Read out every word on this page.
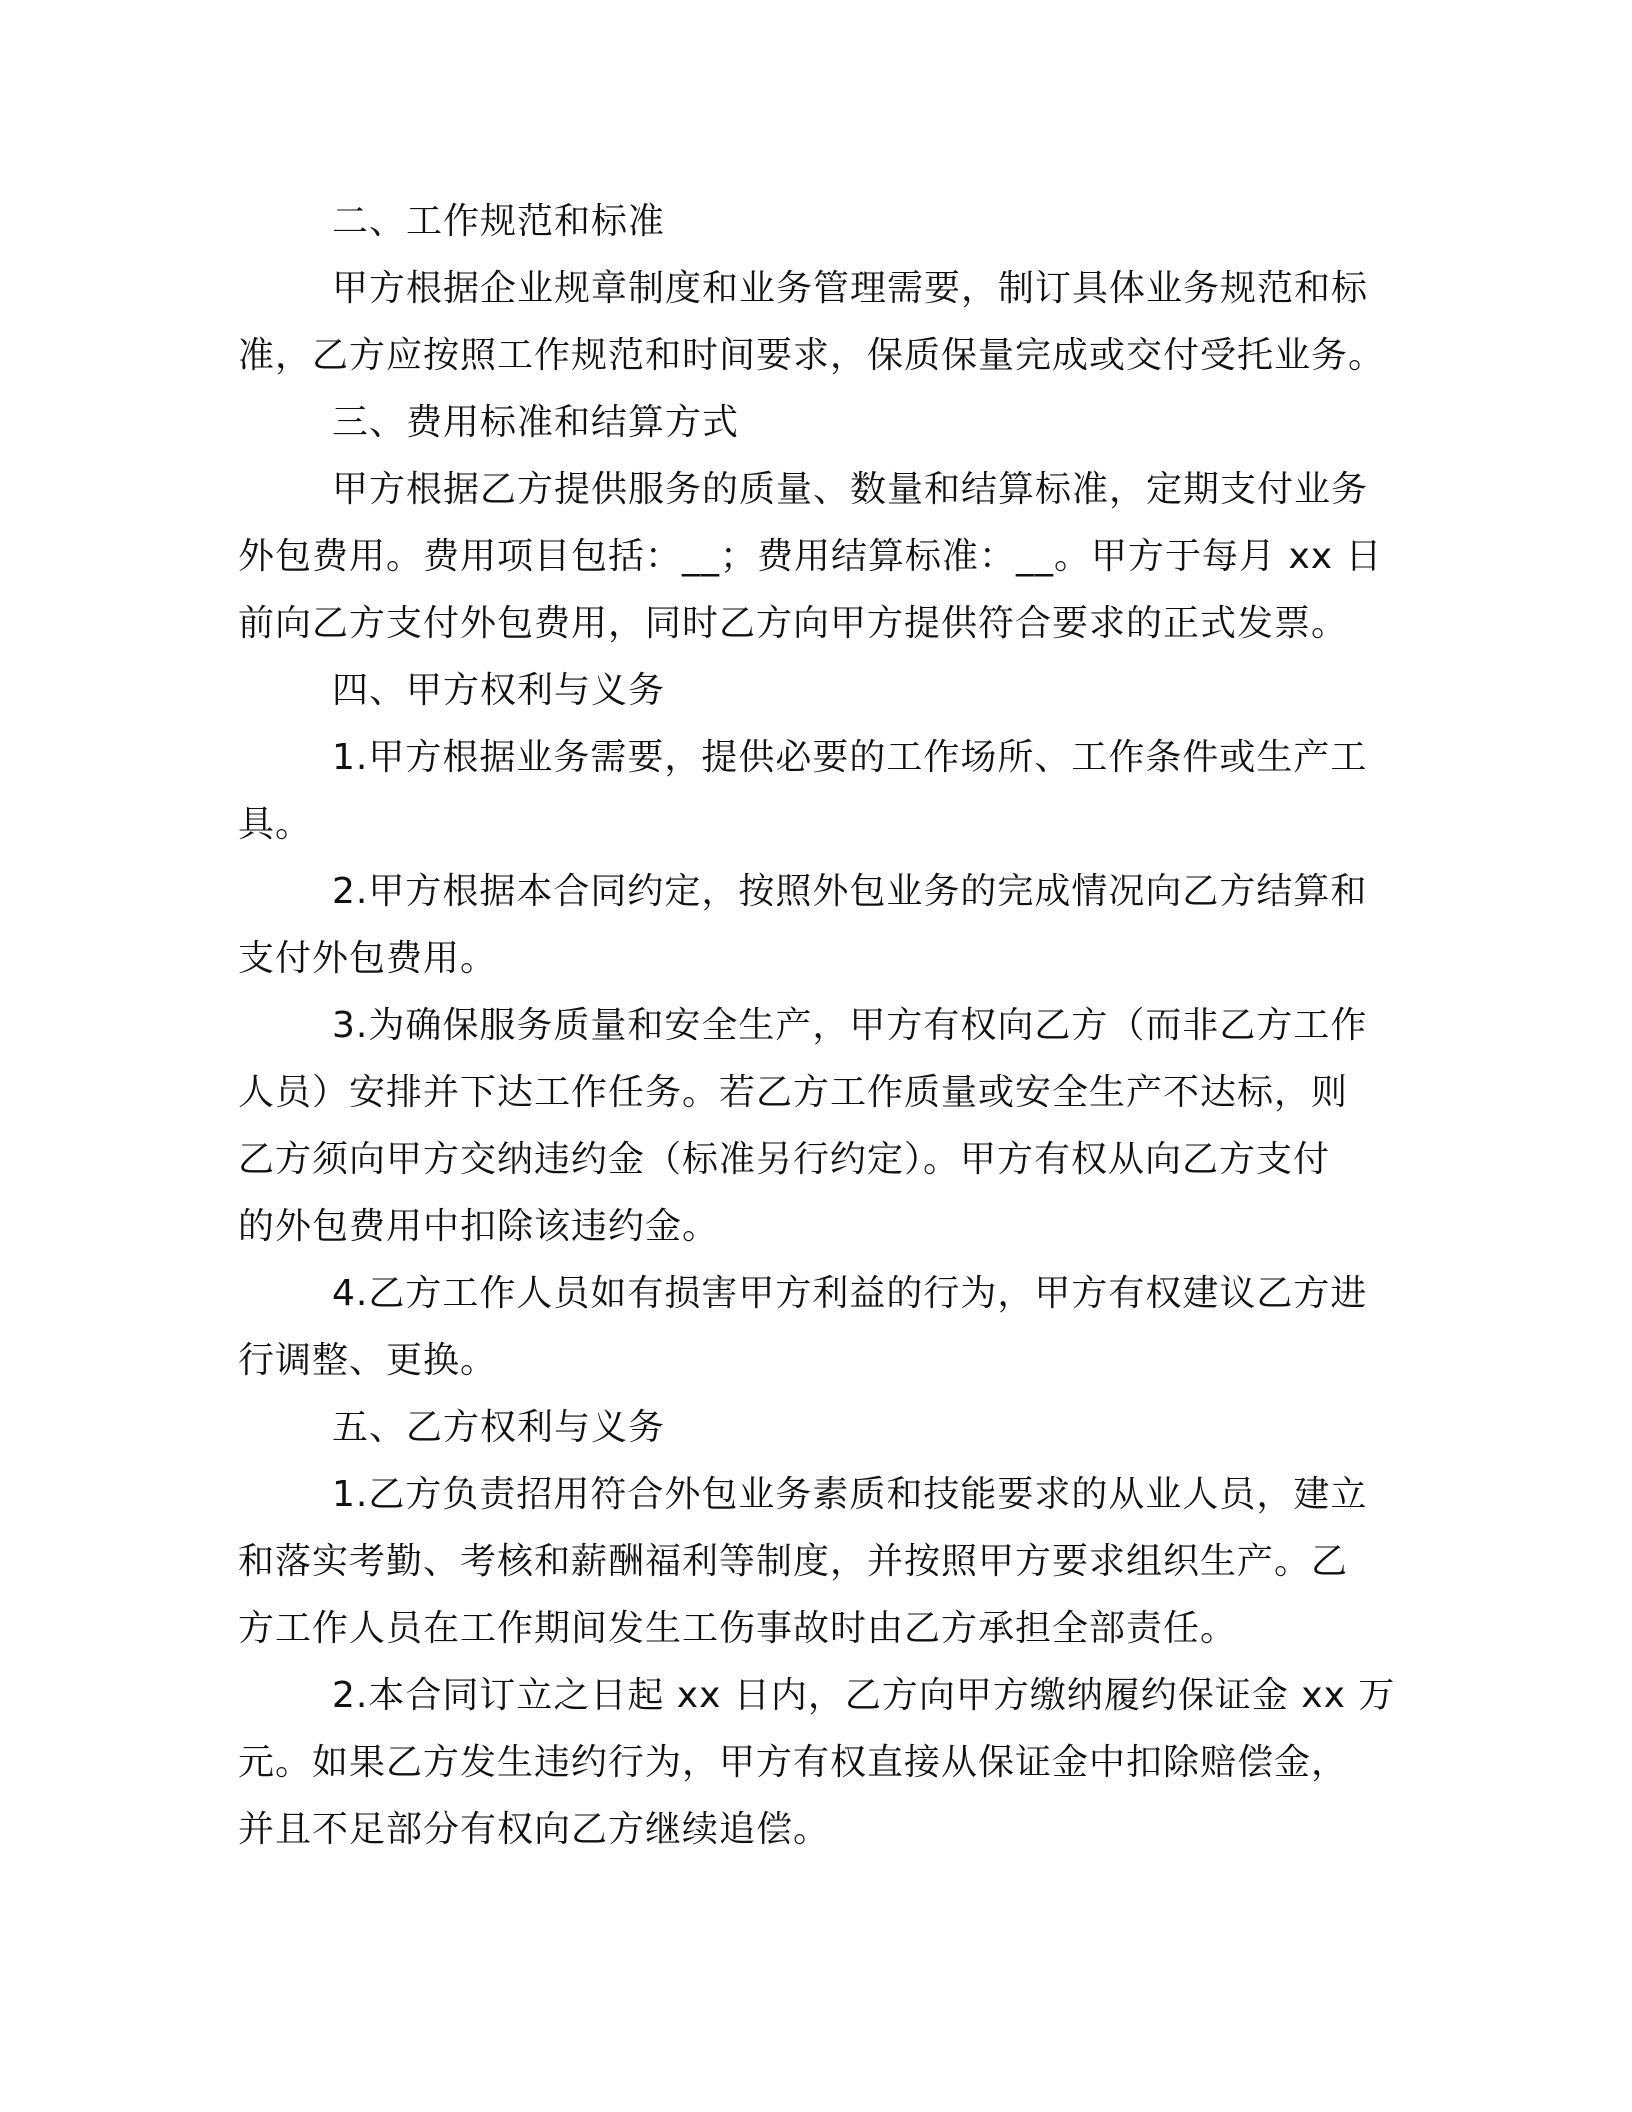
二、工作规范和标准

甲方根据企业规章制度和业务管理需要，制订具体业务规范和标
准，乙方应按照工作规范和时间要求，保质保量完成或交付受托业务。

三、费用标准和结算方式

甲方根据乙方提供服务的质量、数量和结算标准，定期支付业务
外包费用。费用项目包括：__；费用结算标准：__。甲方于每月 xx 日
前向乙方支付外包费用，同时乙方向甲方提供符合要求的正式发票。

四、甲方权利与义务

1.甲方根据业务需要，提供必要的工作场所、工作条件或生产工
具。

2.甲方根据本合同约定，按照外包业务的完成情况向乙方结算和
支付外包费用。

3.为确保服务质量和安全生产，甲方有权向乙方（而非乙方工作
人员）安排并下达工作任务。若乙方工作质量或安全生产不达标，则
乙方须向甲方交纳违约金（标准另行约定）。甲方有权从向乙方支付
的外包费用中扣除该违约金。

4.乙方工作人员如有损害甲方利益的行为，甲方有权建议乙方进
行调整、更换。

五、乙方权利与义务

1.乙方负责招用符合外包业务素质和技能要求的从业人员，建立
和落实考勤、考核和薪酬福利等制度，并按照甲方要求组织生产。乙
方工作人员在工作期间发生工伤事故时由乙方承担全部责任。

2.本合同订立之日起 xx 日内，乙方向甲方缴纳履约保证金 xx 万
元。如果乙方发生违约行为，甲方有权直接从保证金中扣除赔偿金，
并且不足部分有权向乙方继续追偿。
